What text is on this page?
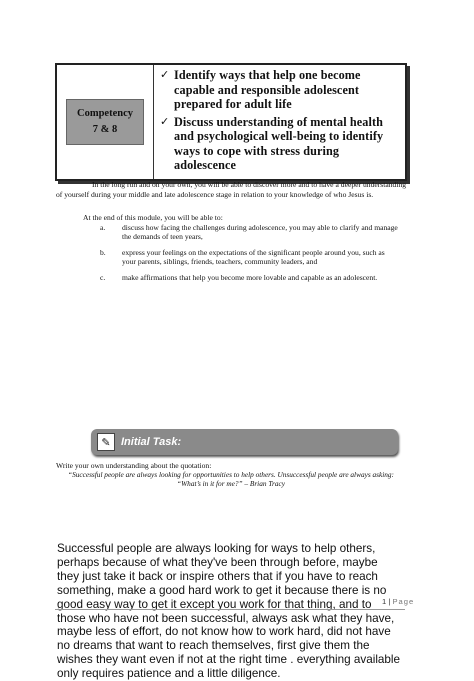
Competency
7 & 8
✓ Identify ways that help one become capable and responsible adolescent prepared for adult life
✓ Discuss understanding of mental health and psychological well-being to identify ways to cope with stress during adolescence
In the long run and on your own, you will be able to discover more and to have a deeper understanding of yourself during your middle and late adolescence stage in relation to your knowledge of who Jesus is.
At the end of this module, you will be able to:
a.	discuss how facing the challenges during adolescence, you may able to clarify and manage the demands of teen years,
b.	express your feelings on the expectations of the significant people around you, such as your parents, siblings, friends, teachers, community leaders, and
c.	make affirmations that help you become more lovable and capable as an adolescent.
✎ Initial Task:
Write your own understanding about the quotation:
“Successful people are always looking for opportunities to help others. Unsuccessful people are always asking: “What’s in it for me?” – Brian Tracy
Successful people are always looking for ways to help others,
perhaps because of what they've been through before, maybe
they just take it back or inspire others that if you have to reach
something, make a good hard work to get it because there is no
good easy way to get it except you work for that thing, and to
those who have not been successful, always ask what they have,
maybe less of effort, do not know how to work hard, did not have
no dreams that want to reach themselves, first give them the
wishes they want even if not at the right time . everything available
only requires patience and a little diligence.
1 | Page
